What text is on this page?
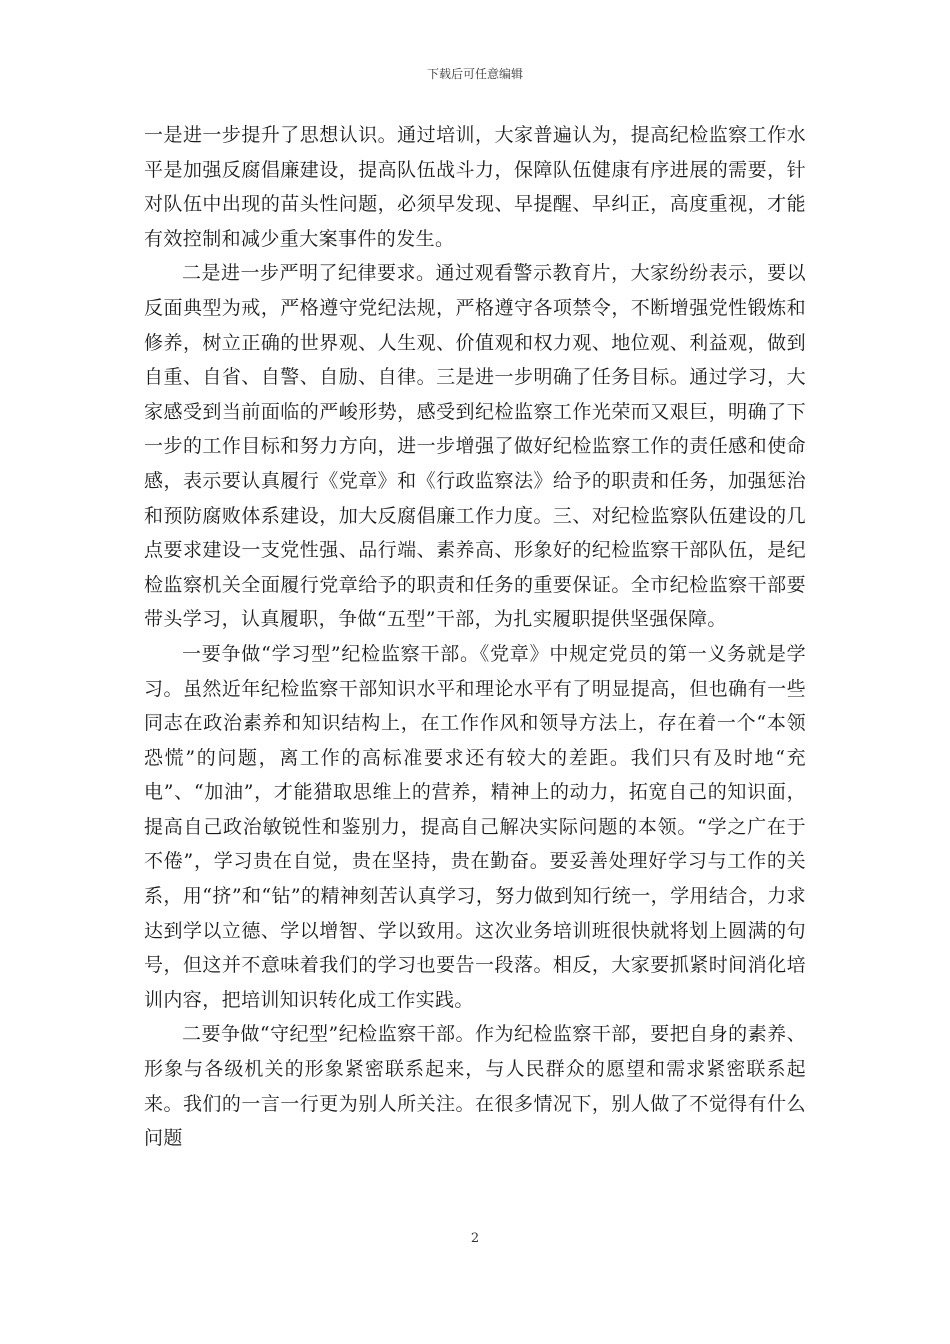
下载后可任意编辑

一是进一步提升了思想认识。通过培训，大家普遍认为，提高纪检监察工作水平是加强反腐倡廉建设，提高队伍战斗力，保障队伍健康有序进展的需要，针对队伍中出现的苗头性问题，必须早发现、早提醒、早纠正，高度重视，才能有效控制和减少重大案事件的发生。

二是进一步严明了纪律要求。通过观看警示教育片，大家纷纷表示，要以反面典型为戒，严格遵守党纪法规，严格遵守各项禁令，不断增强党性锻炼和修养，树立正确的世界观、人生观、价值观和权力观、地位观、利益观，做到自重、自省、自警、自励、自律。三是进一步明确了任务目标。通过学习，大家感受到当前面临的严峻形势，感受到纪检监察工作光荣而又艰巨，明确了下一步的工作目标和努力方向，进一步增强了做好纪检监察工作的责任感和使命感，表示要认真履行《党章》和《行政监察法》给予的职责和任务，加强惩治和预防腐败体系建设，加大反腐倡廉工作力度。三、对纪检监察队伍建设的几点要求建设一支党性强、品行端、素养高、形象好的纪检监察干部队伍，是纪检监察机关全面履行党章给予的职责和任务的重要保证。全市纪检监察干部要带头学习，认真履职，争做“五型”干部，为扎实履职提供坚强保障。

一要争做“学习型”纪检监察干部。《党章》中规定党员的第一义务就是学习。虽然近年纪检监察干部知识水平和理论水平有了明显提高，但也确有一些同志在政治素养和知识结构上，在工作作风和领导方法上，存在着一个“本领恐慌”的问题，离工作的高标准要求还有较大的差距。我们只有及时地“充电”、“加油”，才能猎取思维上的营养，精神上的动力，拓宽自己的知识面，提高自己政治敏锐性和鉴别力，提高自己解决实际问题的本领。“学之广在于不倦”，学习贵在自觉，贵在坚持，贵在勤奋。要妥善处理好学习与工作的关系，用“挤”和“钻”的精神刻苦认真学习，努力做到知行统一，学用结合，力求达到学以立德、学以增智、学以致用。这次业务培训班很快就将划上圆满的句号，但这并不意味着我们的学习也要告一段落。相反，大家要抓紧时间消化培训内容，把培训知识转化成工作实践。

二要争做“守纪型”纪检监察干部。作为纪检监察干部，要把自身的素养、形象与各级机关的形象紧密联系起来，与人民群众的愿望和需求紧密联系起来。我们的一言一行更为别人所关注。在很多情况下，别人做了不觉得有什么问题

2
